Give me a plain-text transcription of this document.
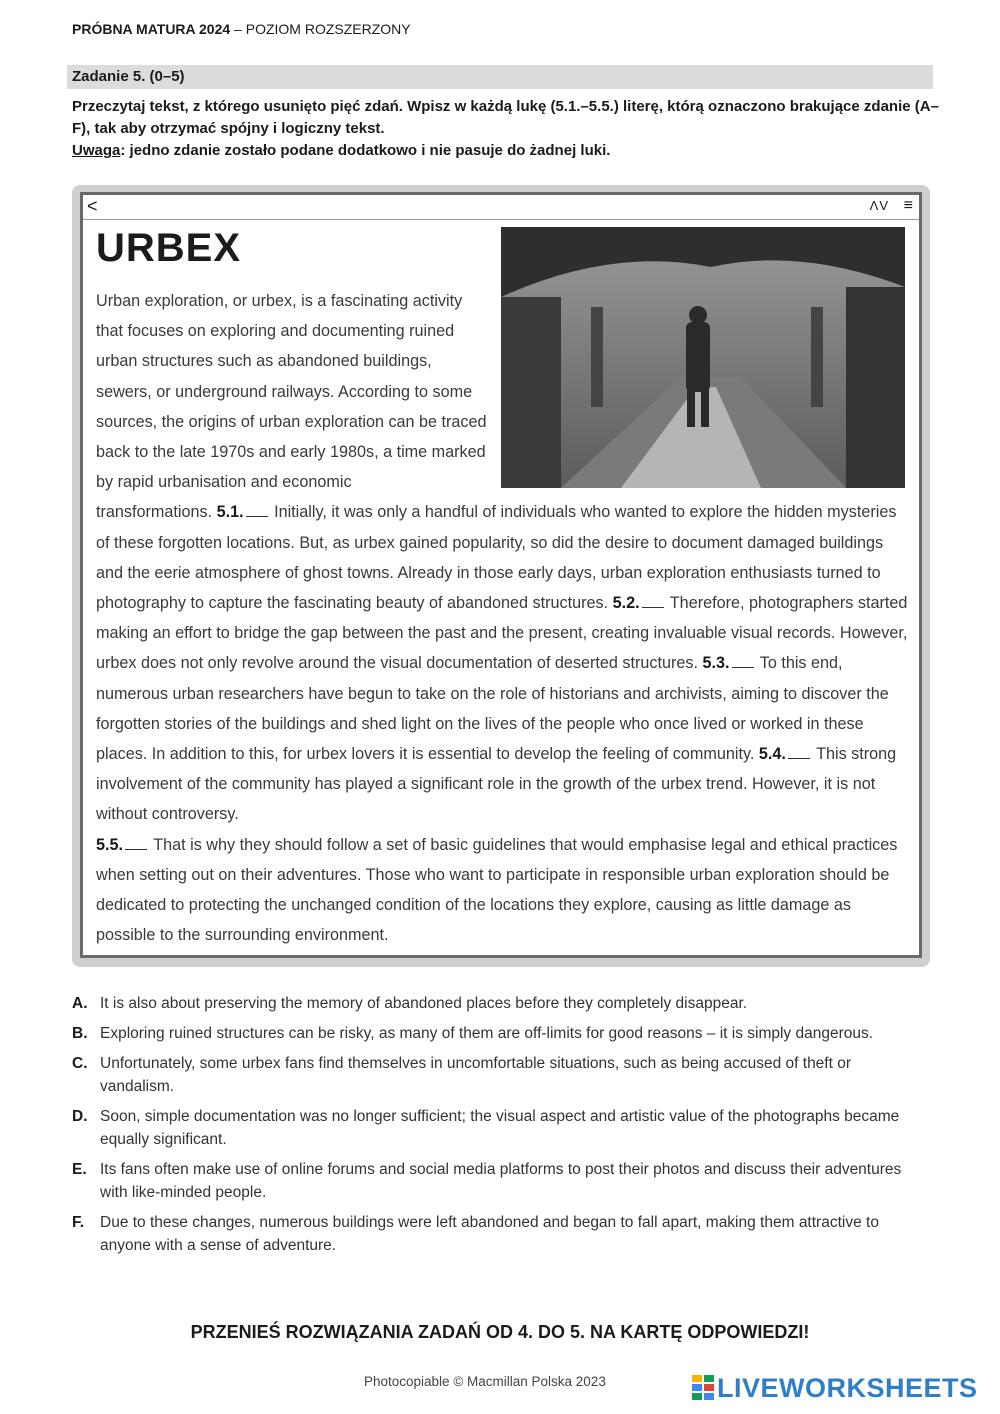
PRÓBNA MATURA 2024 – POZIOM ROZSZERZONY
Zadanie 5. (0–5)
Przeczytaj tekst, z którego usunięto pięć zdań. Wpisz w każdą lukę (5.1.–5.5.) literę, którą oznaczono brakujące zdanie (A–F), tak aby otrzymać spójny i logiczny tekst.
Uwaga: jedno zdanie zostało podane dodatkowo i nie pasuje do żadnej luki.
<	ΛV ≡
URBEX
Urban exploration, or urbex, is a fascinating activity that focuses on exploring and documenting ruined urban structures such as abandoned buildings, sewers, or underground railways. According to some sources, the origins of urban exploration can be traced back to the late 1970s and early 1980s, a time marked by rapid urbanisation and economic
transformations. 5.1. Initially, it was only a handful of individuals who wanted to explore the hidden mysteries of these forgotten locations. But, as urbex gained popularity, so did the desire to document damaged buildings and the eerie atmosphere of ghost towns. Already in those early days, urban exploration enthusiasts turned to photography to capture the fascinating beauty of abandoned structures. 5.2. Therefore, photographers started making an effort to bridge the gap between the past and the present, creating invaluable visual records. However, urbex does not only revolve around the visual documentation of deserted structures. 5.3. To this end, numerous urban researchers have begun to take on the role of historians and archivists, aiming to discover the forgotten stories of the buildings and shed light on the lives of the people who once lived or worked in these places. In addition to this, for urbex lovers it is essential to develop the feeling of community. 5.4. This strong involvement of the community has played a significant role in the growth of the urbex trend. However, it is not without controversy.
5.5. That is why they should follow a set of basic guidelines that would emphasise legal and ethical practices when setting out on their adventures. Those who want to participate in responsible urban exploration should be dedicated to protecting the unchanged condition of the locations they explore, causing as little damage as possible to the surrounding environment.
A. It is also about preserving the memory of abandoned places before they completely disappear.
B. Exploring ruined structures can be risky, as many of them are off-limits for good reasons – it is simply dangerous.
C. Unfortunately, some urbex fans find themselves in uncomfortable situations, such as being accused of theft or vandalism.
D. Soon, simple documentation was no longer sufficient; the visual aspect and artistic value of the photographs became equally significant.
E. Its fans often make use of online forums and social media platforms to post their photos and discuss their adventures with like-minded people.
F.	Due to these changes, numerous buildings were left abandoned and began to fall apart, making them attractive to anyone with a sense of adventure.
PRZENIEŚ ROZWIĄZANIA ZADAŃ OD 4. DO 5. NA KARTĘ ODPOWIEDZI!
Photocopiable © Macmillan Polska 2023	LIVEWORKSHEETS
